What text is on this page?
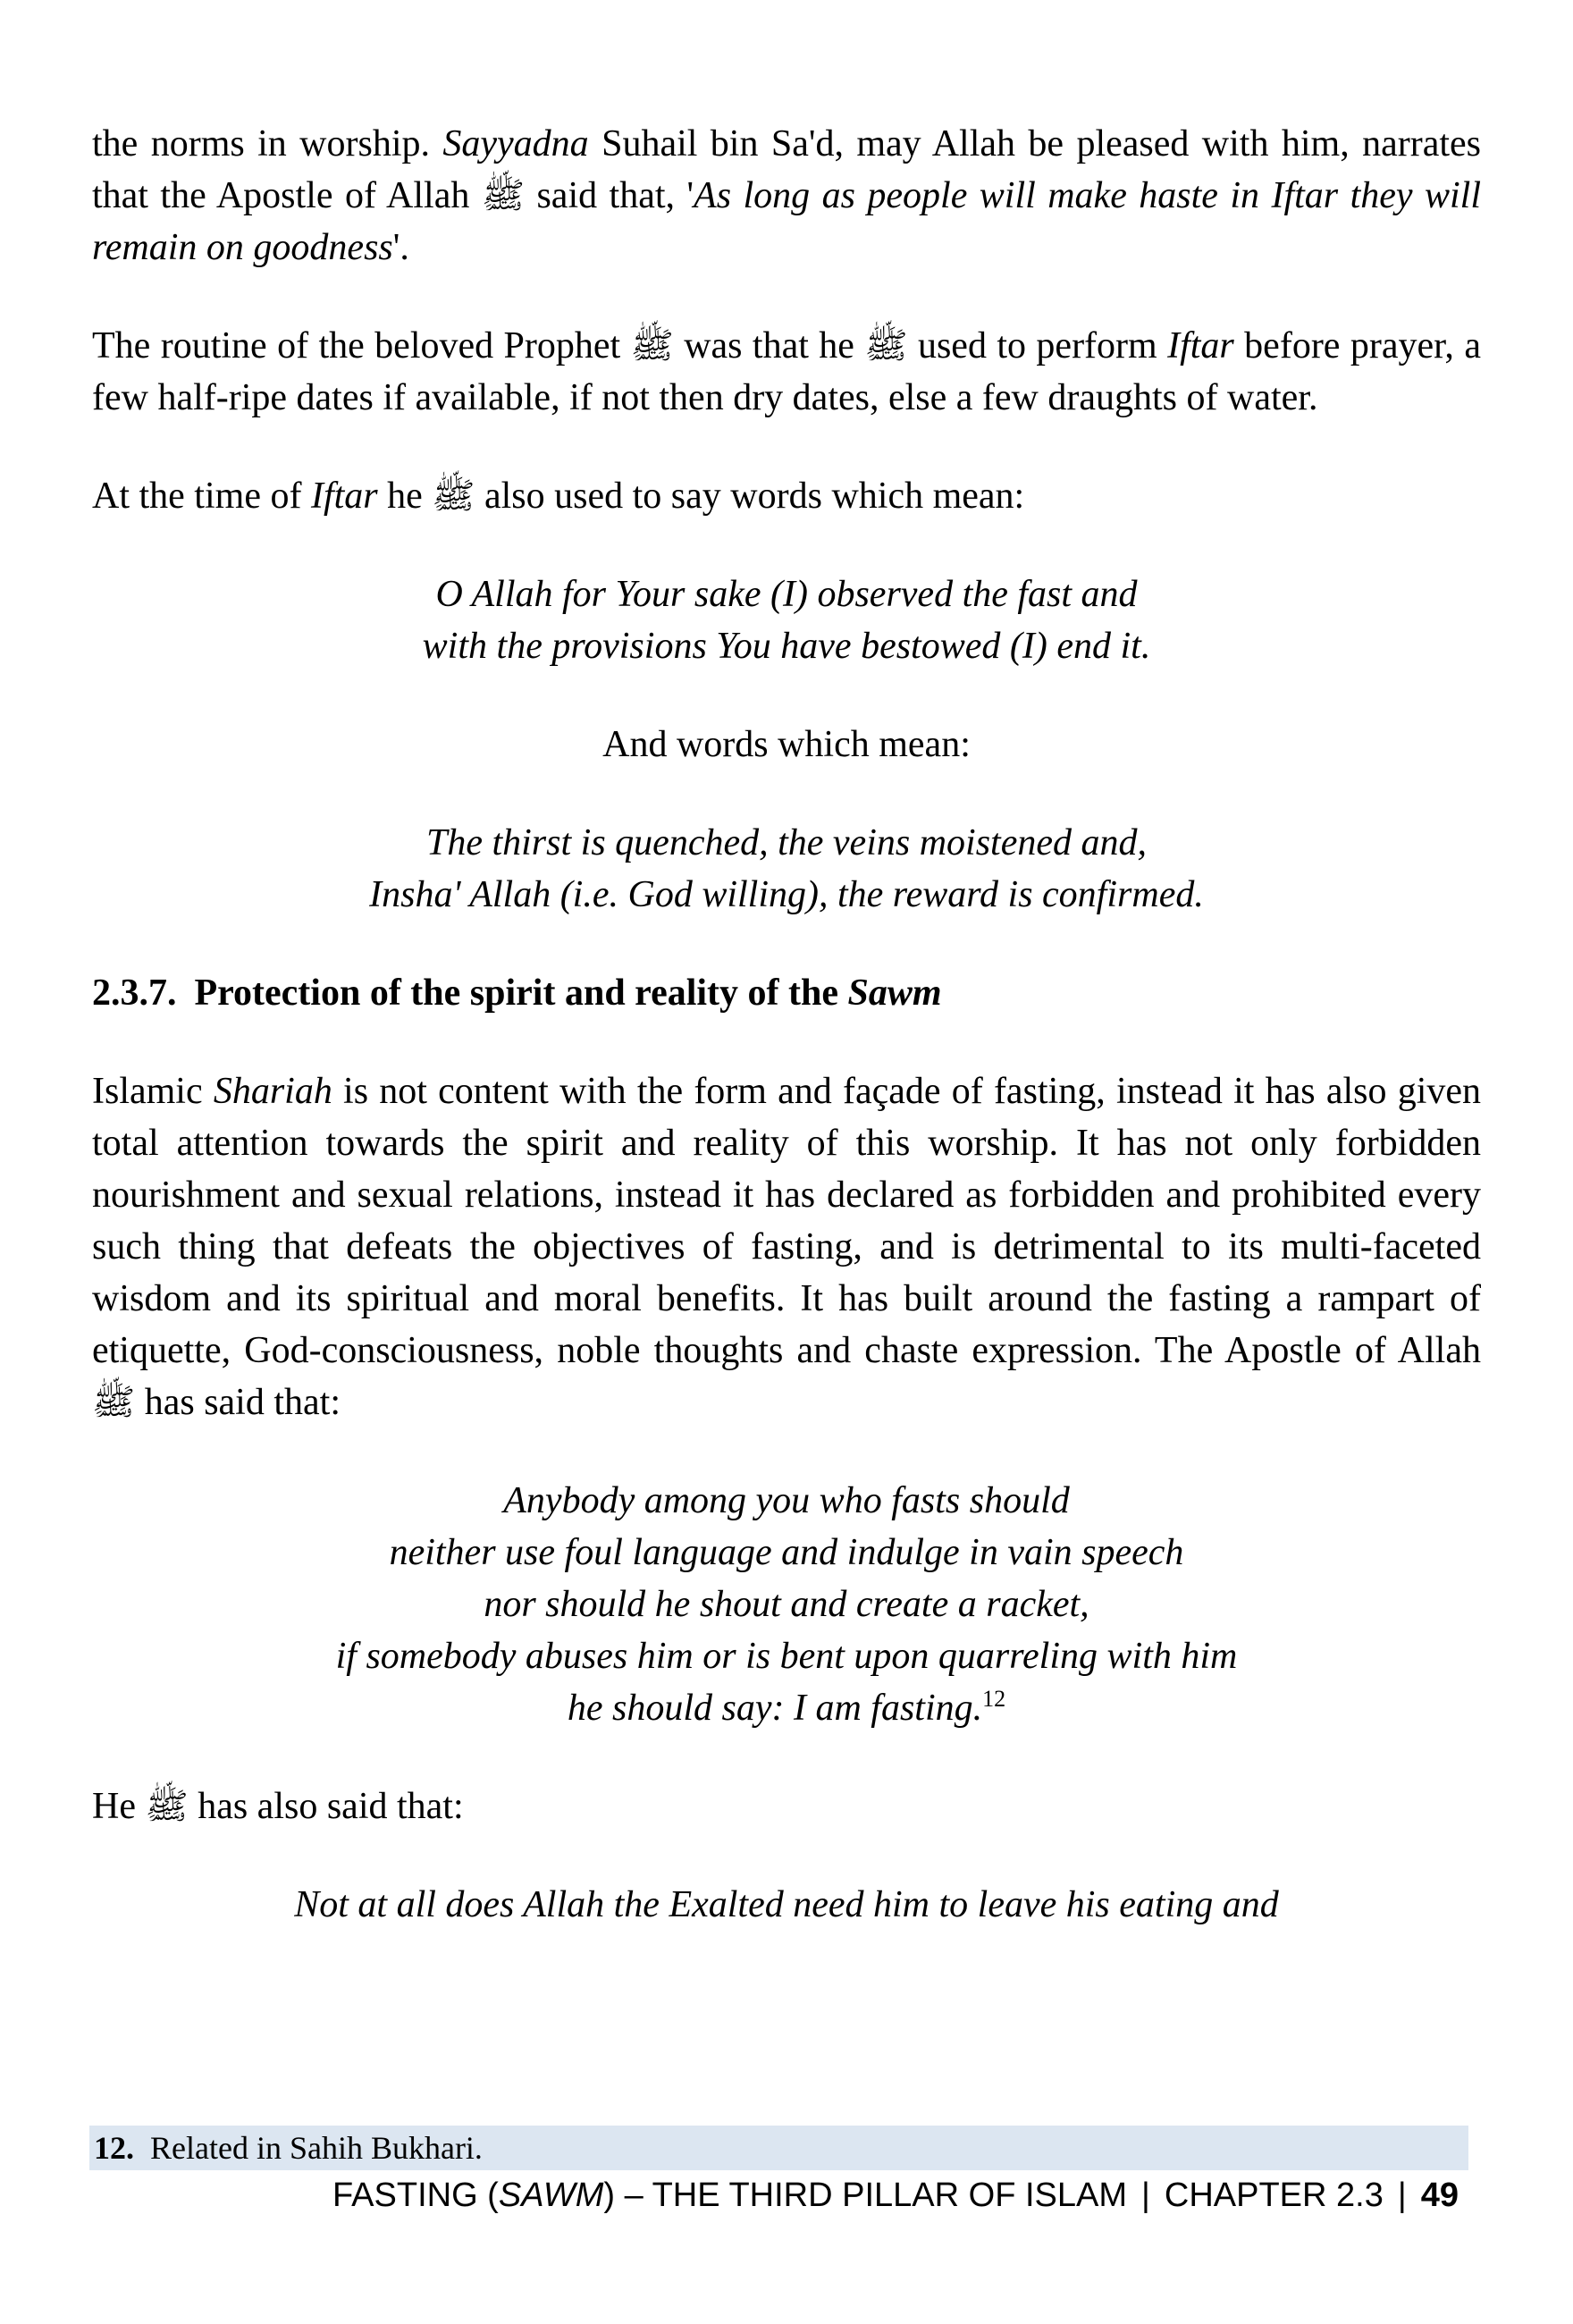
the norms in worship. Sayyadna Suhail bin Sa'd, may Allah be pleased with him, narrates that the Apostle of Allah ﷺ said that, 'As long as people will make haste in Iftar they will remain on goodness'.

The routine of the beloved Prophet ﷺ was that he ﷺ used to perform Iftar before prayer, a few half-ripe dates if available, if not then dry dates, else a few draughts of water.

At the time of Iftar he ﷺ also used to say words which mean:

O Allah for Your sake (I) observed the fast and
with the provisions You have bestowed (I) end it.

And words which mean:

The thirst is quenched, the veins moistened and,
Insha' Allah (i.e. God willing), the reward is confirmed.
2.3.7. Protection of the spirit and reality of the Sawm

Islamic Shariah is not content with the form and façade of fasting, instead it has also given total attention towards the spirit and reality of this worship. It has not only forbidden nourishment and sexual relations, instead it has declared as forbidden and prohibited every such thing that defeats the objectives of fasting, and is detrimental to its multi-faceted wisdom and its spiritual and moral benefits. It has built around the fasting a rampart of etiquette, God-consciousness, noble thoughts and chaste expression. The Apostle of Allah ﷺ has said that:

Anybody among you who fasts should
neither use foul language and indulge in vain speech
nor should he shout and create a racket,
if somebody abuses him or is bent upon quarreling with him
he should say: I am fasting.$^{12}$

He ﷺ has also said that:

Not at all does Allah the Exalted need him to leave his eating and
12. Related in Sahih Bukhari.
FASTING (SAWM) – THE THIRD PILLAR OF ISLAM | CHAPTER 2.3 | 49
